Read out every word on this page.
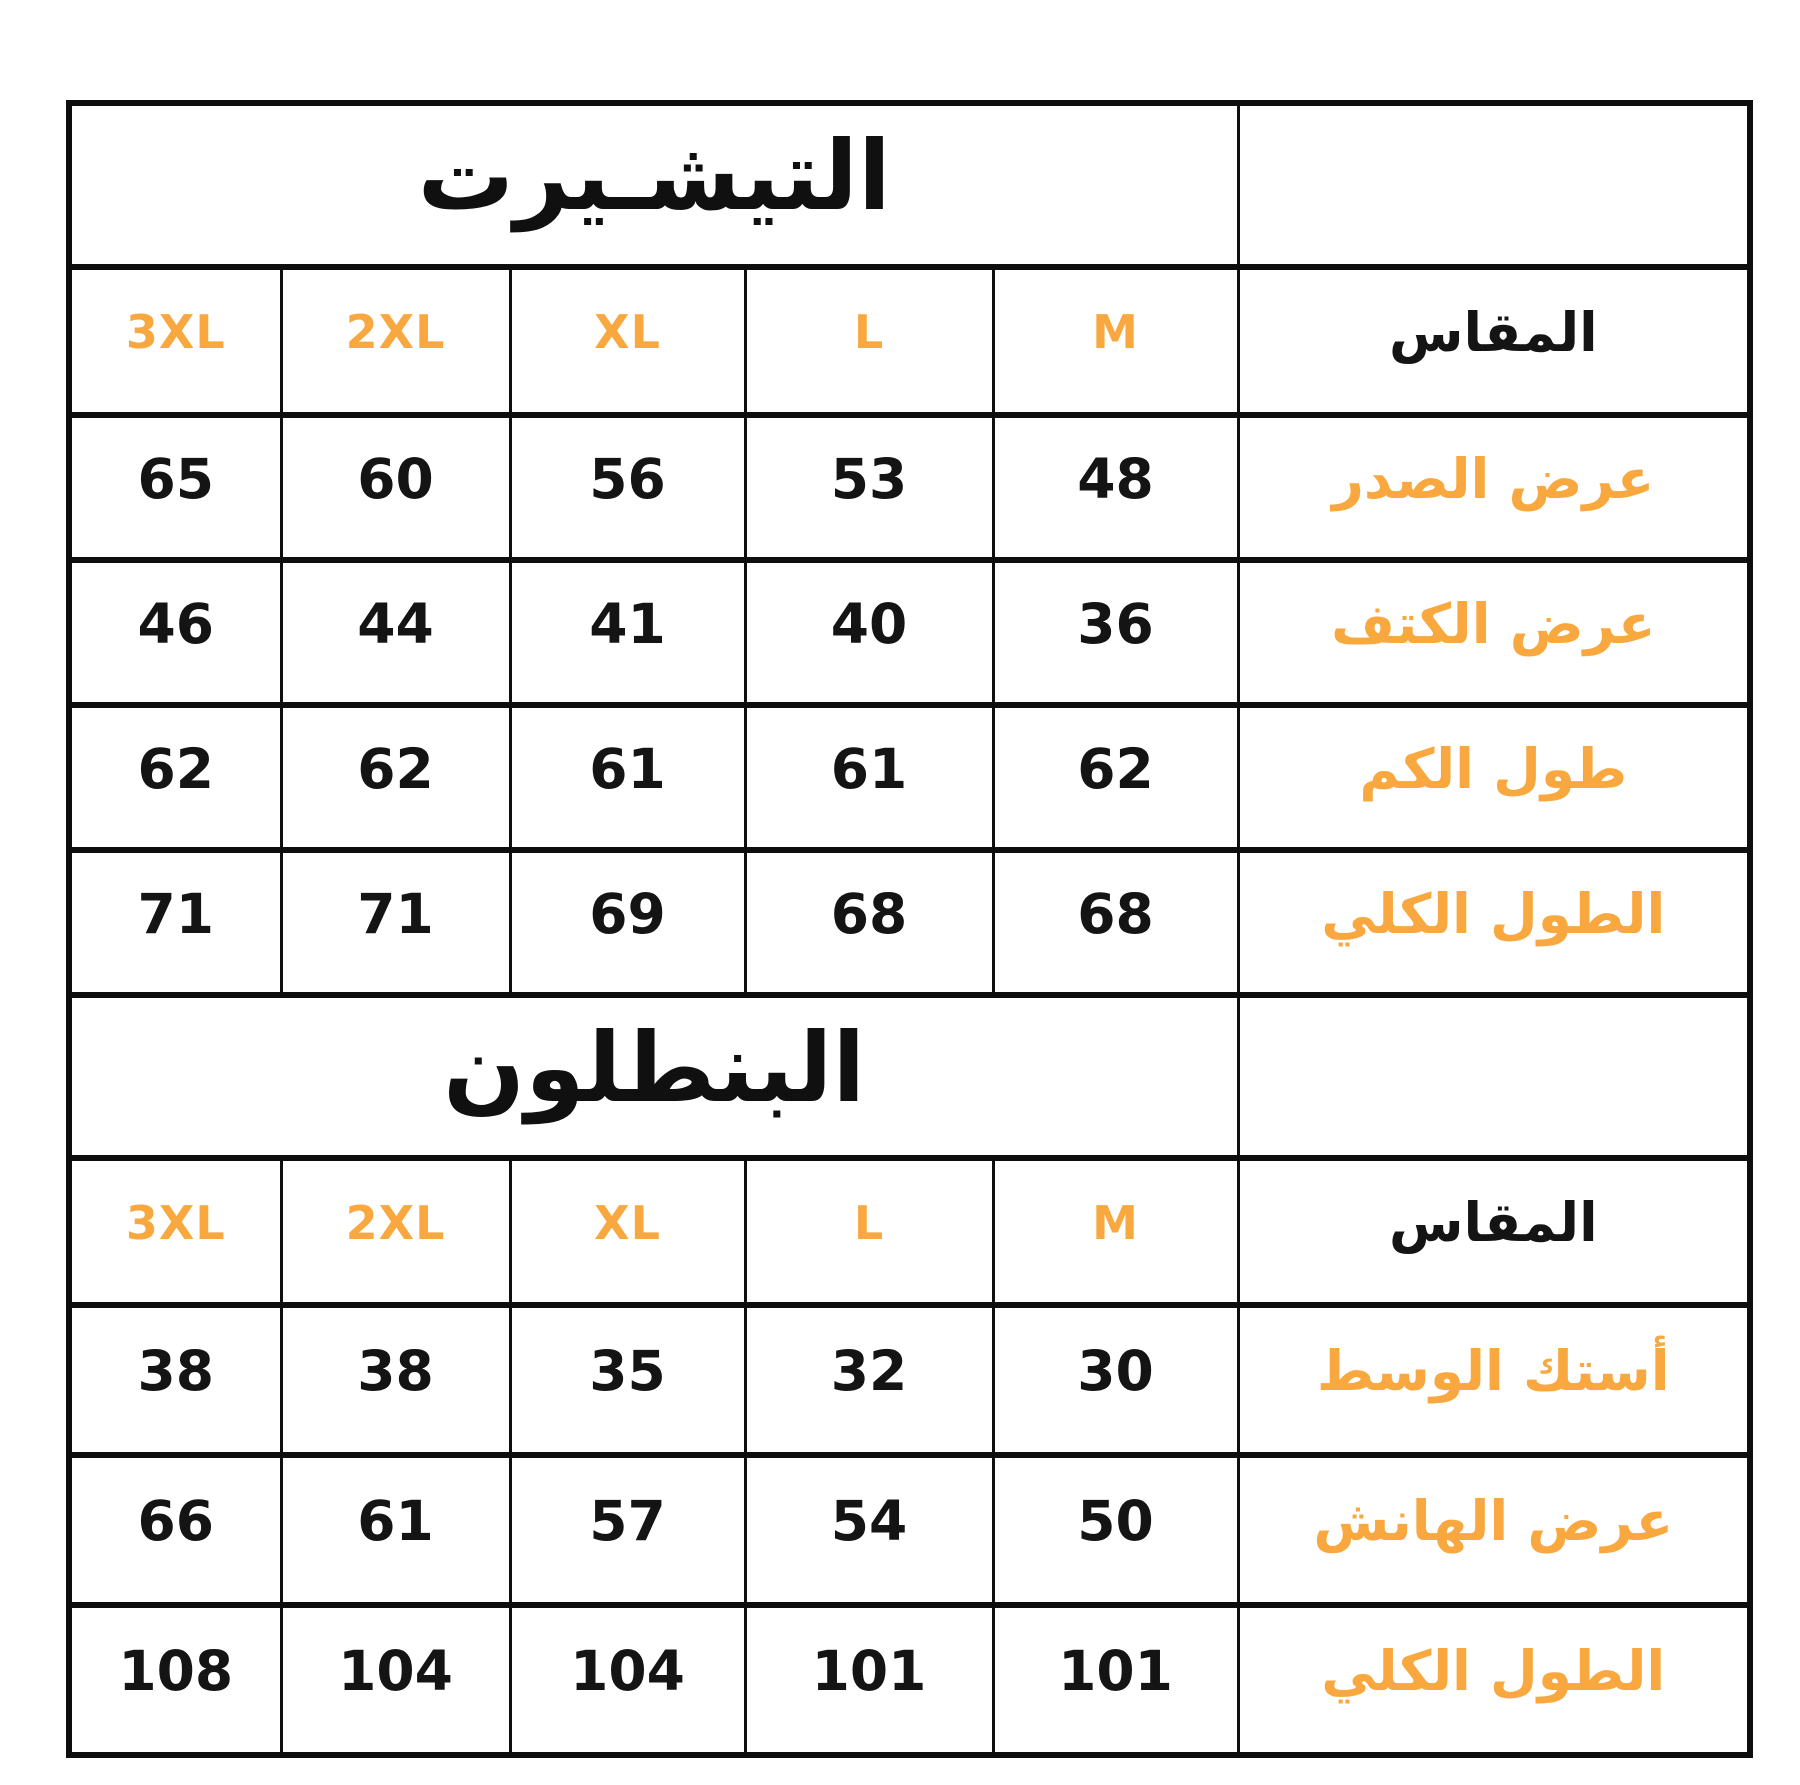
التيشـيرت					
3XL	2XL	XL	L	M	المقاس
65	60	56	53	48	عرض الصدر
46	44	41	40	36	عرض الكتف
62	62	61	61	62	طول الكم
71	71	69	68	68	الطول الكلي
البنطلون					
3XL	2XL	XL	L	M	المقاس
38	38	35	32	30	أستك الوسط
66	61	57	54	50	عرض الهانش
108	104	104	101	101	الطول الكلي
